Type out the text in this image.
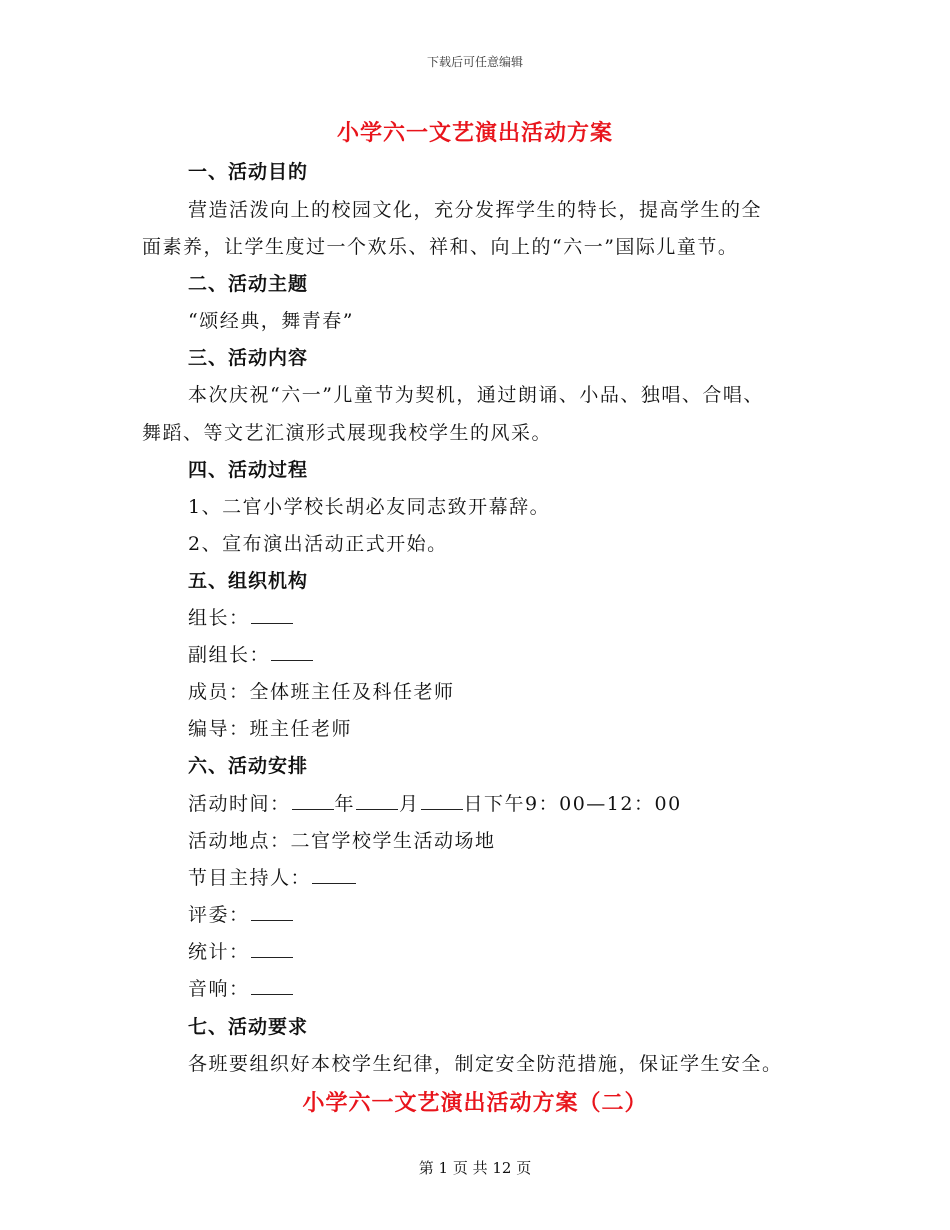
下载后可任意编辑
小学六一文艺演出活动方案
一、活动目的
营造活泼向上的校园文化，充分发挥学生的特长，提高学生的全
面素养，让学生度过一个欢乐、祥和、向上的“六一”国际儿童节。
二、活动主题
“颂经典，舞青春”
三、活动内容
本次庆祝“六一”儿童节为契机，通过朗诵、小品、独唱、合唱、
舞蹈、等文艺汇演形式展现我校学生的风采。
四、活动过程
1、二官小学校长胡必友同志致开幕辞。
2、宣布演出活动正式开始。
五、组织机构
组长：
副组长：
成员：全体班主任及科任老师
编导：班主任老师
六、活动安排
活动时间： 年 月 日下午9：00—12：00
活动地点：二官学校学生活动场地
节目主持人：
评委：
统计：
音响：
七、活动要求
各班要组织好本校学生纪律，制定安全防范措施，保证学生安全。
小学六一文艺演出活动方案（二）
第 1 页 共 12 页
